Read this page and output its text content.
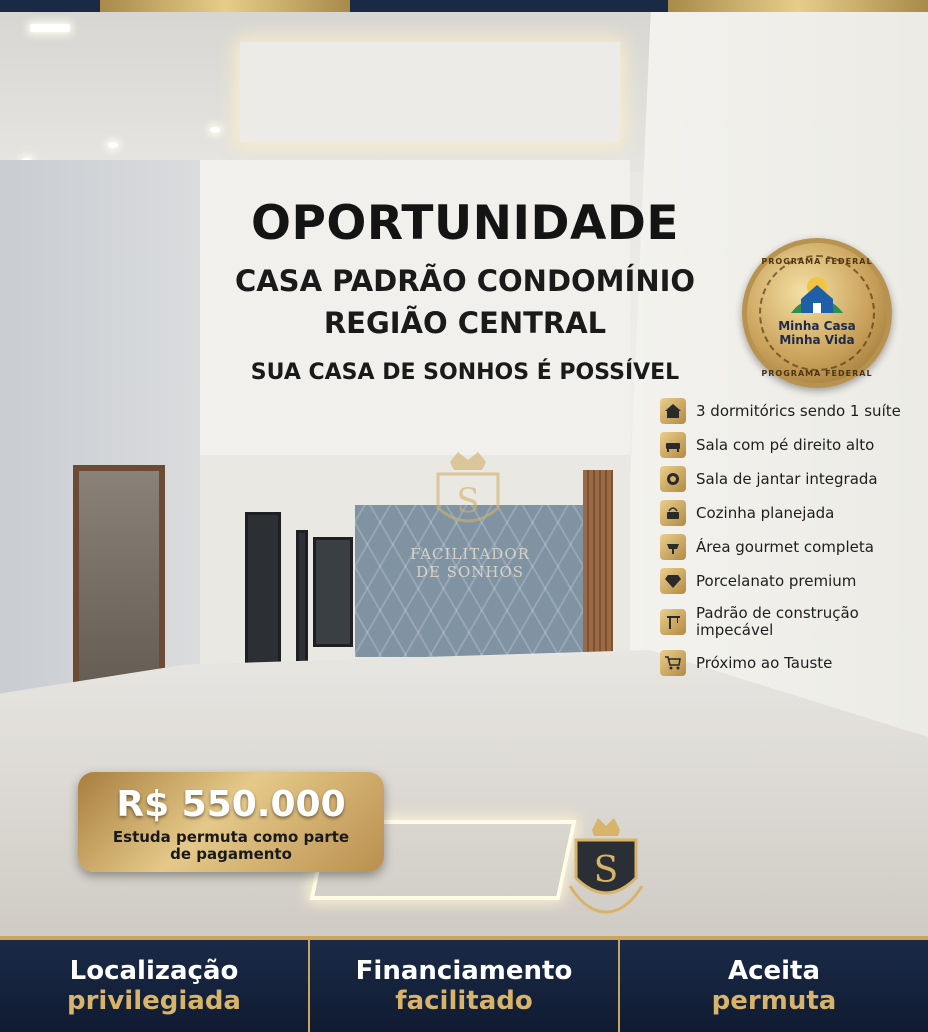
OPORTUNIDADE
CASA PADRÃO CONDOMÍNIO
REGIÃO CENTRAL
SUA CASA DE SONHOS É POSSÍVEL
PROGRAMA FEDERAL
Minha Casa
Minha Vida
PROGRAMA FEDERAL
3 dormitórics sendo 1 suíte
Sala com pé direito alto
Sala de jantar integrada
Cozinha planejada
Área gourmet completa
Porcelanato premium
Padrão de construção impecável
Próximo ao Tauste
S
FACILITADOR
DE SONHOS
R$ 550.000
Estuda permuta como parte
de pagamento	S
Localização
privilegiada
Financiamento
facilitado
Aceita
permuta
